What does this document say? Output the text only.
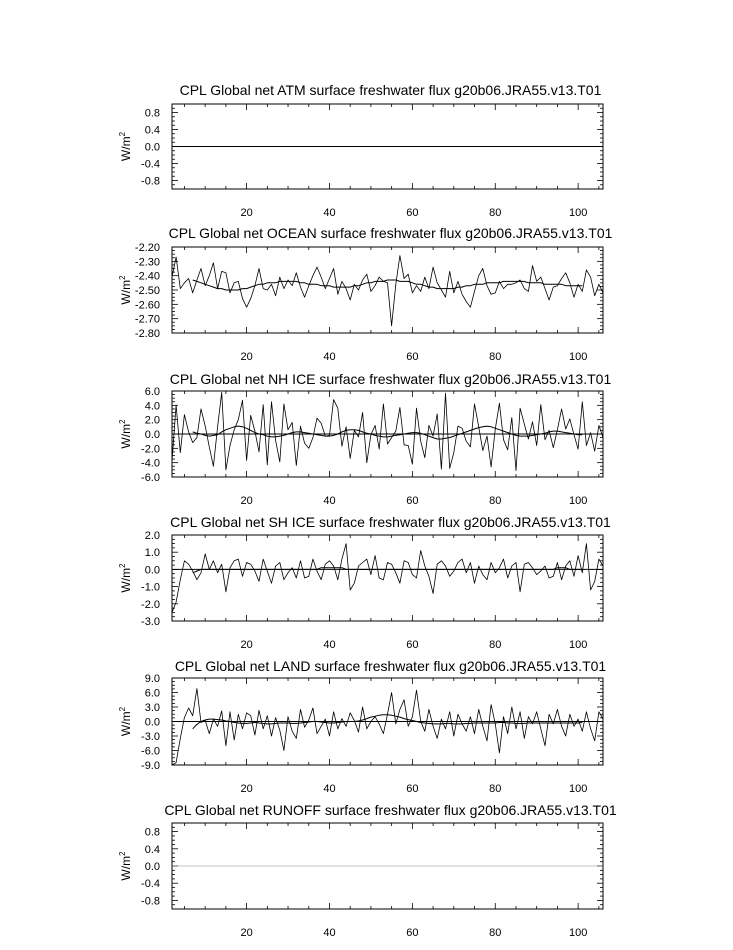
20	40	60	80	100
0.8
0.4
0.0
-0.4
-0.8
CPL Global net ATM surface freshwater flux g20b06.JRA55.v13.T01
$W/m^2$
20	40	60	80	100
-2.20
-2.30
-2.40
-2.50
-2.60
-2.70
-2.80
CPL Global net OCEAN surface freshwater flux g20b06.JRA55.v13.T01
$W/m^2$
20	40	60	80	100
6.0
4.0
2.0
0.0
-2.0
-4.0
-6.0
CPL Global net NH ICE surface freshwater flux g20b06.JRA55.v13.T01
$W/m^2$
20	40	60	80	100
2.0
1.0
0.0
-1.0
-2.0
-3.0
CPL Global net SH ICE surface freshwater flux g20b06.JRA55.v13.T01
$W/m^2$
20	40	60	80	100
9.0
6.0
3.0
0.0
-3.0
-6.0
-9.0
CPL Global net LAND surface freshwater flux g20b06.JRA55.v13.T01
$W/m^2$
20	40	60	80	100
0.8
0.4
0.0
-0.4
-0.8
CPL Global net RUNOFF surface freshwater flux g20b06.JRA55.v13.T01
$W/m^2$
